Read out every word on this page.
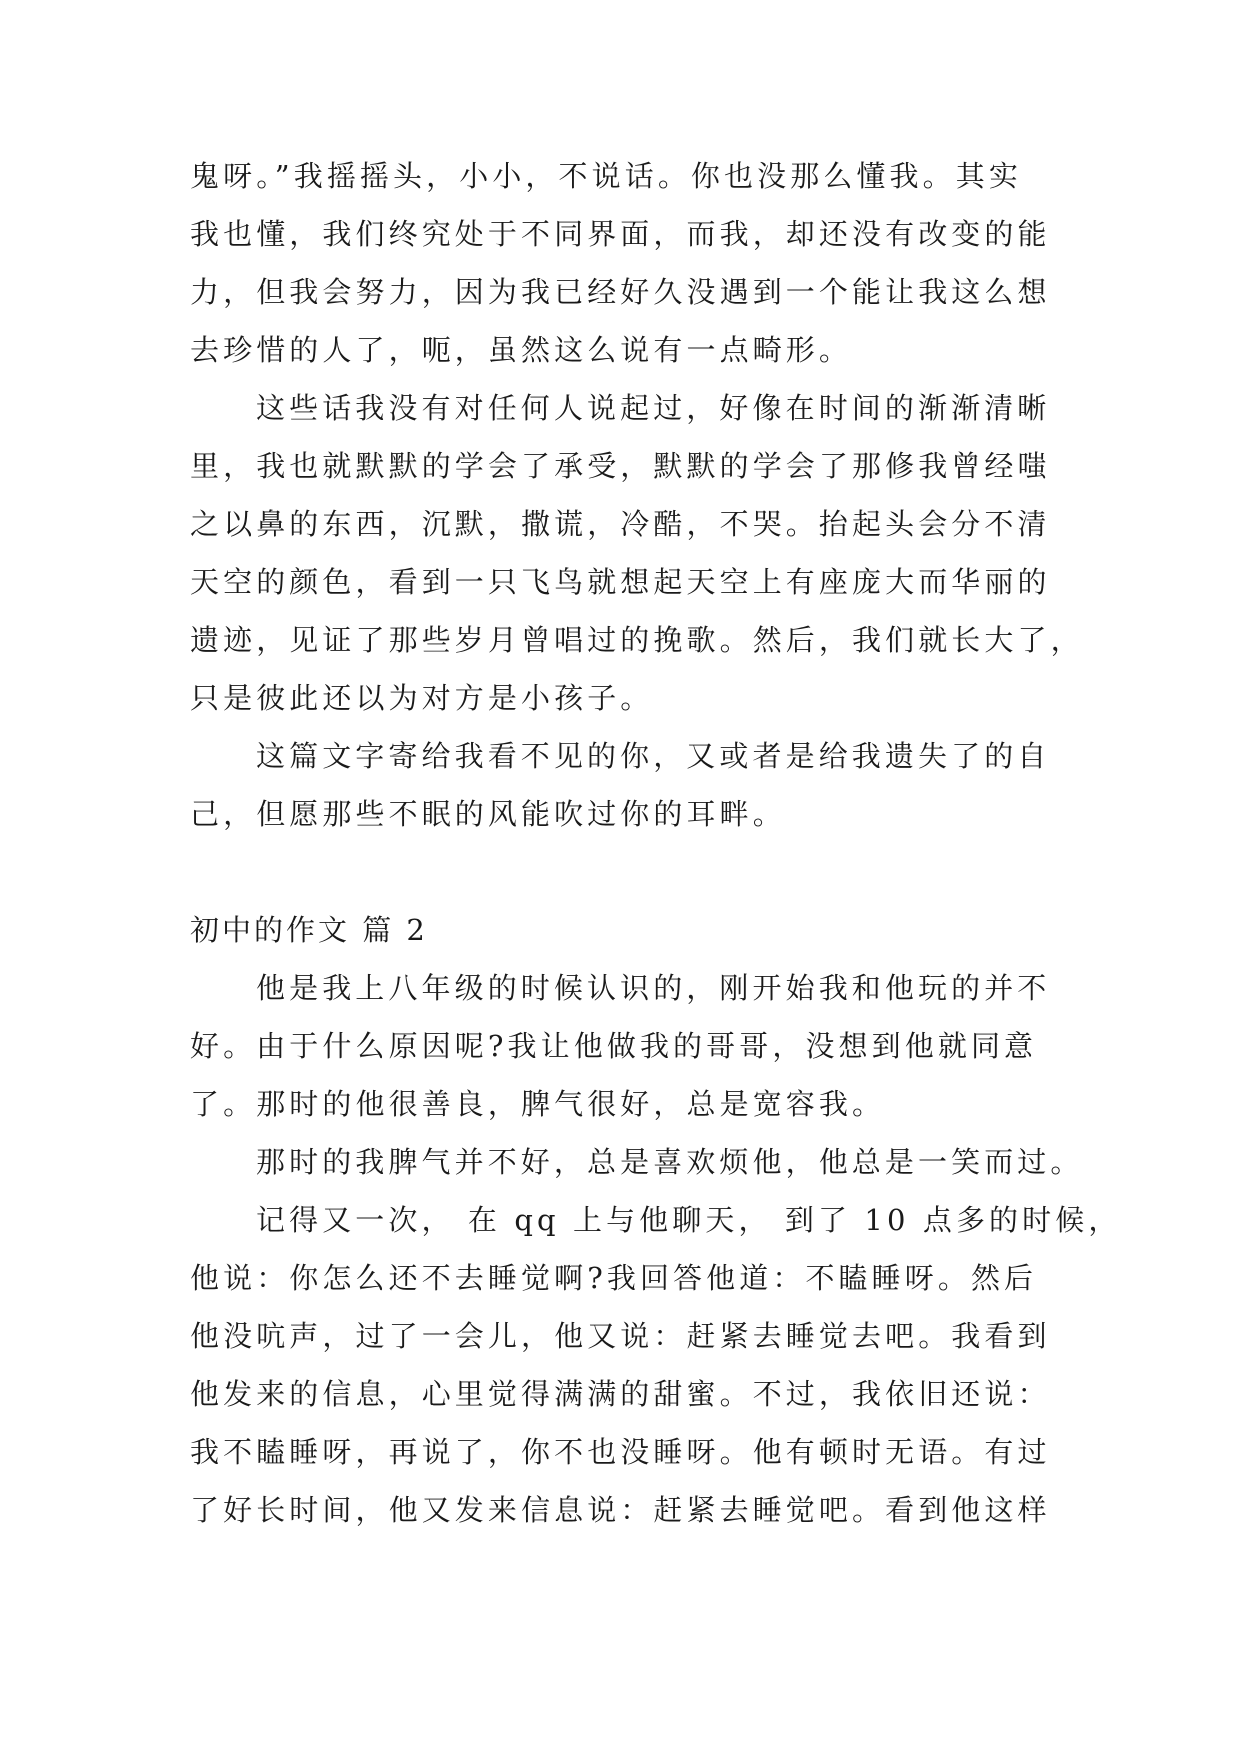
鬼呀。”我摇摇头，小小，不说话。你也没那么懂我。其实
我也懂，我们终究处于不同界面，而我，却还没有改变的能
力，但我会努力，因为我已经好久没遇到一个能让我这么想
去珍惜的人了，呃，虽然这么说有一点畸形。
这些话我没有对任何人说起过，好像在时间的渐渐清晰
里，我也就默默的学会了承受，默默的学会了那修我曾经嗤
之以鼻的东西，沉默，撒谎，冷酷，不哭。抬起头会分不清
天空的颜色，看到一只飞鸟就想起天空上有座庞大而华丽的
遗迹，见证了那些岁月曾唱过的挽歌。然后，我们就长大了，
只是彼此还以为对方是小孩子。
这篇文字寄给我看不见的你，又或者是给我遗失了的自
己，但愿那些不眠的风能吹过你的耳畔。
初中的作文 篇 2
他是我上八年级的时候认识的，刚开始我和他玩的并不
好。由于什么原因呢?我让他做我的哥哥，没想到他就同意
了。那时的他很善良，脾气很好，总是宽容我。
那时的我脾气并不好，总是喜欢烦他，他总是一笑而过。
记得又一次， 在 qq 上与他聊天， 到了 10 点多的时候，
他说：你怎么还不去睡觉啊?我回答他道：不瞌睡呀。然后
他没吭声，过了一会儿，他又说：赶紧去睡觉去吧。我看到
他发来的信息，心里觉得满满的甜蜜。不过，我依旧还说：
我不瞌睡呀，再说了，你不也没睡呀。他有顿时无语。有过
了好长时间，他又发来信息说：赶紧去睡觉吧。看到他这样
